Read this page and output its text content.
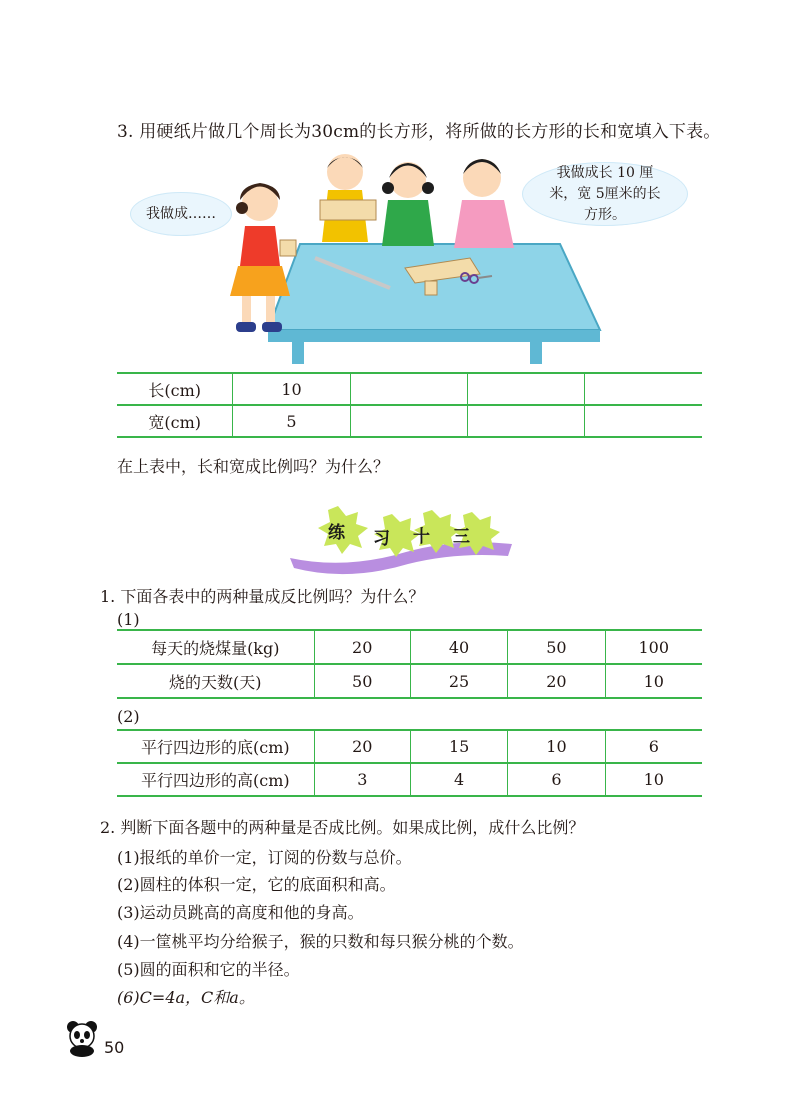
3. 用硬纸片做几个周长为30cm的长方形，将所做的长方形的长和宽填入下表。
我做成……
我做成长 10 厘米，宽 5厘米的长方形。
长(cm)	10			
宽(cm)	5			
在上表中，长和宽成比例吗？为什么？
练 习 十 三
1. 下面各表中的两种量成反比例吗？为什么？
(1)
每天的烧煤量(kg)	20	40	50	100
烧的天数(天)	50	25	20	10
(2)
平行四边形的底(cm)	20	15	10	6
平行四边形的高(cm)	3	4	6	10
2. 判断下面各题中的两种量是否成比例。如果成比例，成什么比例？
(1)报纸的单价一定，订阅的份数与总价。
(2)圆柱的体积一定，它的底面积和高。
(3)运动员跳高的高度和他的身高。
(4)一筐桃平均分给猴子，猴的只数和每只猴分桃的个数。
(5)圆的面积和它的半径。
(6)C=4a，C和a。
50
